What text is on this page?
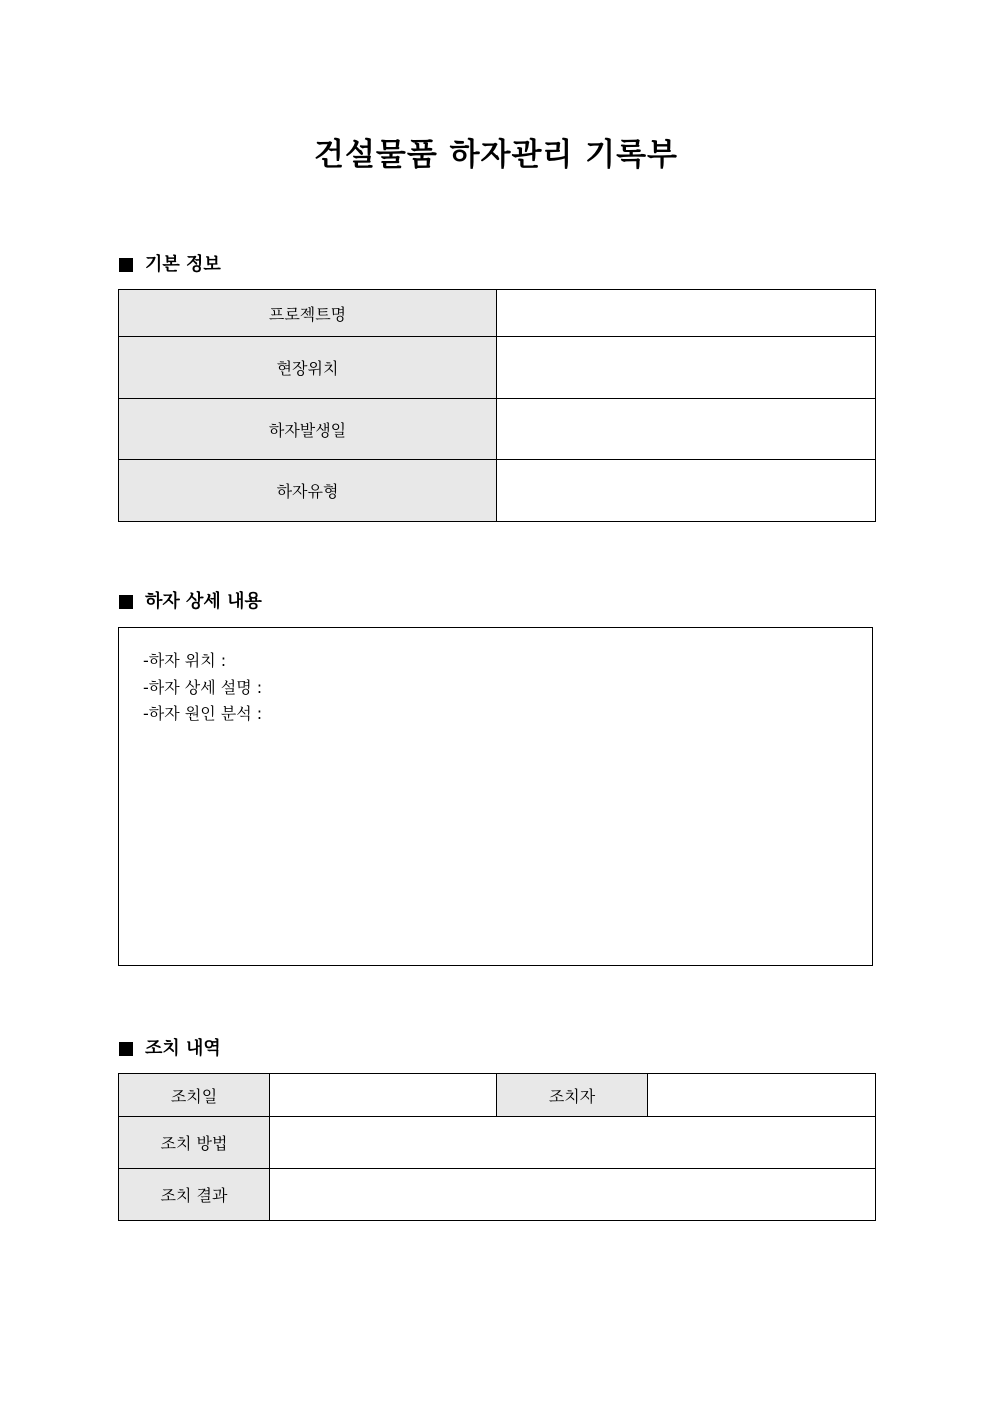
건설물품 하자관리 기록부
기본 정보
프로젝트명	
현장위치	
하자발생일	
하자유형	
하자 상세 내용
-하자 위치 :
-하자 상세 설명 :
-하자 원인 분석 :
조치 내역
조치일		조치자	
조치 방법			
조치 결과			
